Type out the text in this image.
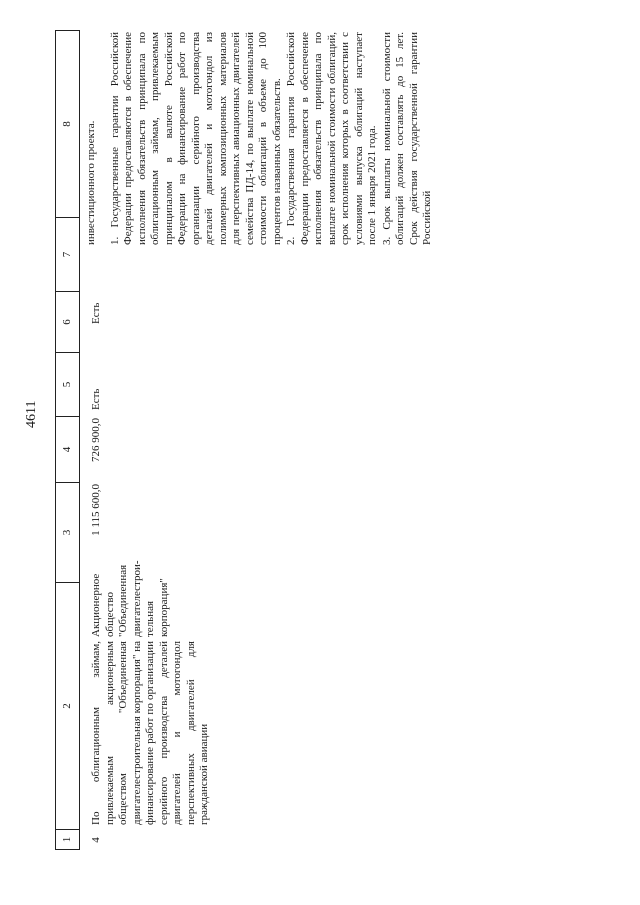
4611
1
2
3
4
5
6
7
8
4
По облигационным займам, привлекаемым акционерным обществом "Объединенная двигателестроительная корпорация" на финансирование работ по организации серийного производства деталей двигателей и мотогондол перспективных двигателей для гражданской авиации
Акционерное общество "Объединенная двигателестрои-тельная корпорация"
1 115 600,0
726 900,0
Есть
Есть
инвестиционного проекта. 1. Государственные гарантии Российской Федерации предоставляются в обеспечение исполнения обязательств принципала по облигационным займам, привлекаемым принципалом в валюте Российской Федерации на финансирование работ по организации серийного производства деталей двигателей и мотогондол из полимерных композиционных материалов для перспективных авиационных двигателей семейства ПД-14, по выплате номинальной стоимости облигаций в объеме до 100 процентов названных обязательств. 2. Государственная гарантия Российской Федерации предоставляется в обеспечение исполнения обязательств принципала по выплате номинальной стоимости облигаций, срок исполнения которых в соответствии с условиями выпуска облигаций наступает после 1 января 2021 года. 3. Срок выплаты номинальной стоимости облигаций должен составлять до 15 лет. Срок действия государственной гарантии Российской
